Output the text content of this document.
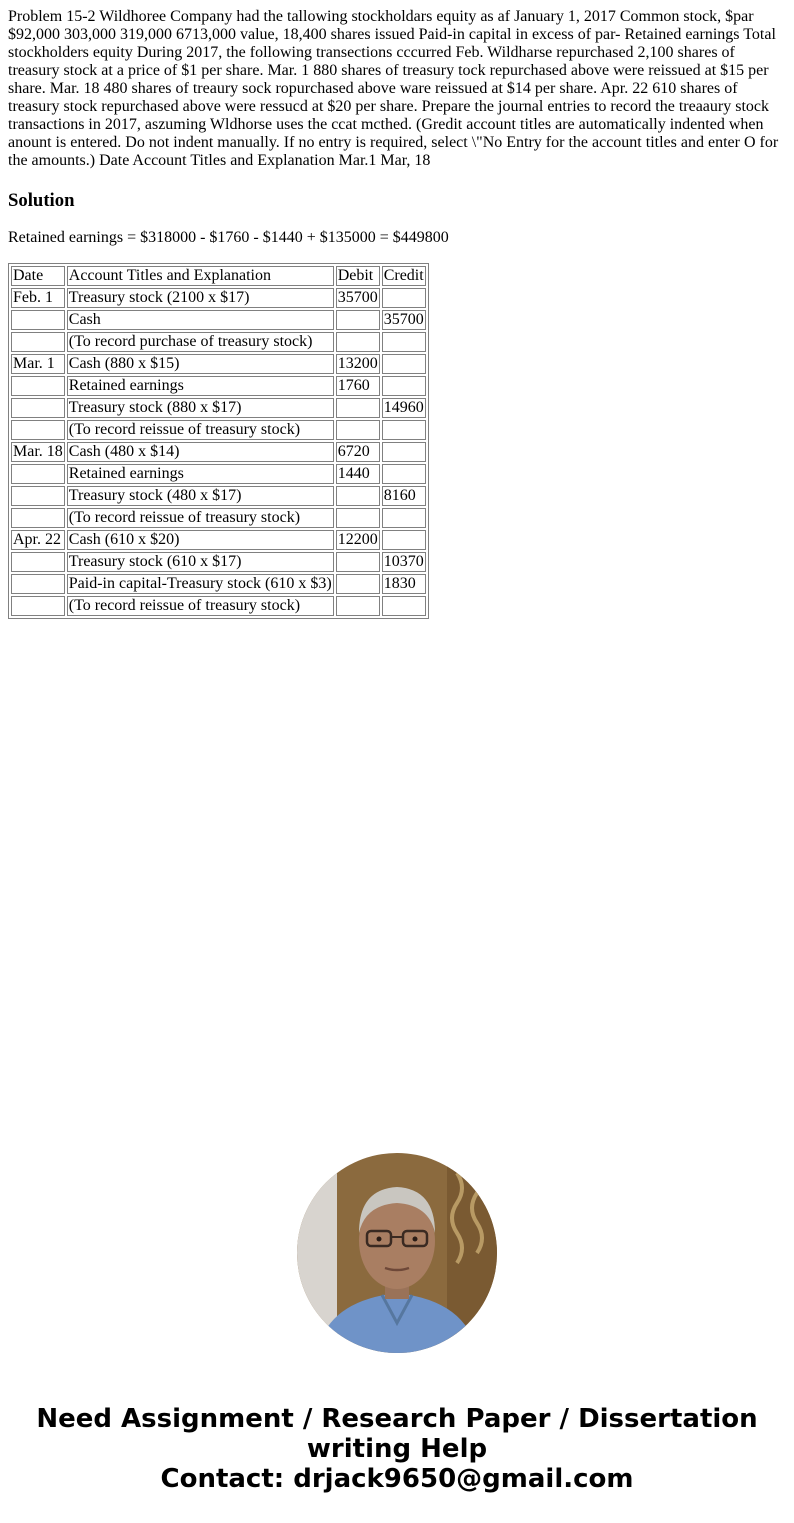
Problem 15-2 Wildhoree Company had the tallowing stockholdars equity as af January 1, 2017 Common stock, $par $92,000 303,000 319,000 6713,000 value, 18,400 shares issued Paid-in capital in excess of par- Retained earnings Total stockholders equity During 2017, the following transections cccurred Feb. Wildharse repurchased 2,100 shares of treasury stock at a price of $1 per share. Mar. 1 880 shares of treasury tock repurchased above were reissued at $15 per share. Mar. 18 480 shares of treaury sock ropurchased above ware reissued at $14 per share. Apr. 22 610 shares of treasury stock repurchased above were ressucd at $20 per share. Prepare the journal entries to record the treaaury stock transactions in 2017, aszuming Wldhorse uses the ccat mcthed. (Gredit account titles are automatically indented when anount is entered. Do not indent manually. If no entry is required, select \"No Entry for the account titles and enter O for the amounts.) Date Account Titles and Explanation Mar.1 Mar, 18

Solution

Retained earnings = $318000 - $1760 - $1440 + $135000 = $449800

Date	Account Titles and Explanation	Debit	Credit
Feb. 1	Treasury stock (2100 x $17)	35700	
	Cash		35700
	(To record purchase of treasury stock)		
Mar. 1	Cash (880 x $15)	13200	
	Retained earnings	1760	
	Treasury stock (880 x $17)		14960
	(To record reissue of treasury stock)		
Mar. 18	Cash (480 x $14)	6720	
	Retained earnings	1440	
	Treasury stock (480 x $17)		8160
	(To record reissue of treasury stock)		
Apr. 22	Cash (610 x $20)	12200	
	Treasury stock (610 x $17)		10370
	Paid-in capital-Treasury stock (610 x $3)		1830
	(To record reissue of treasury stock)		
Need Assignment / Research Paper / Dissertation
writing Help
Contact: drjack9650@gmail.com
